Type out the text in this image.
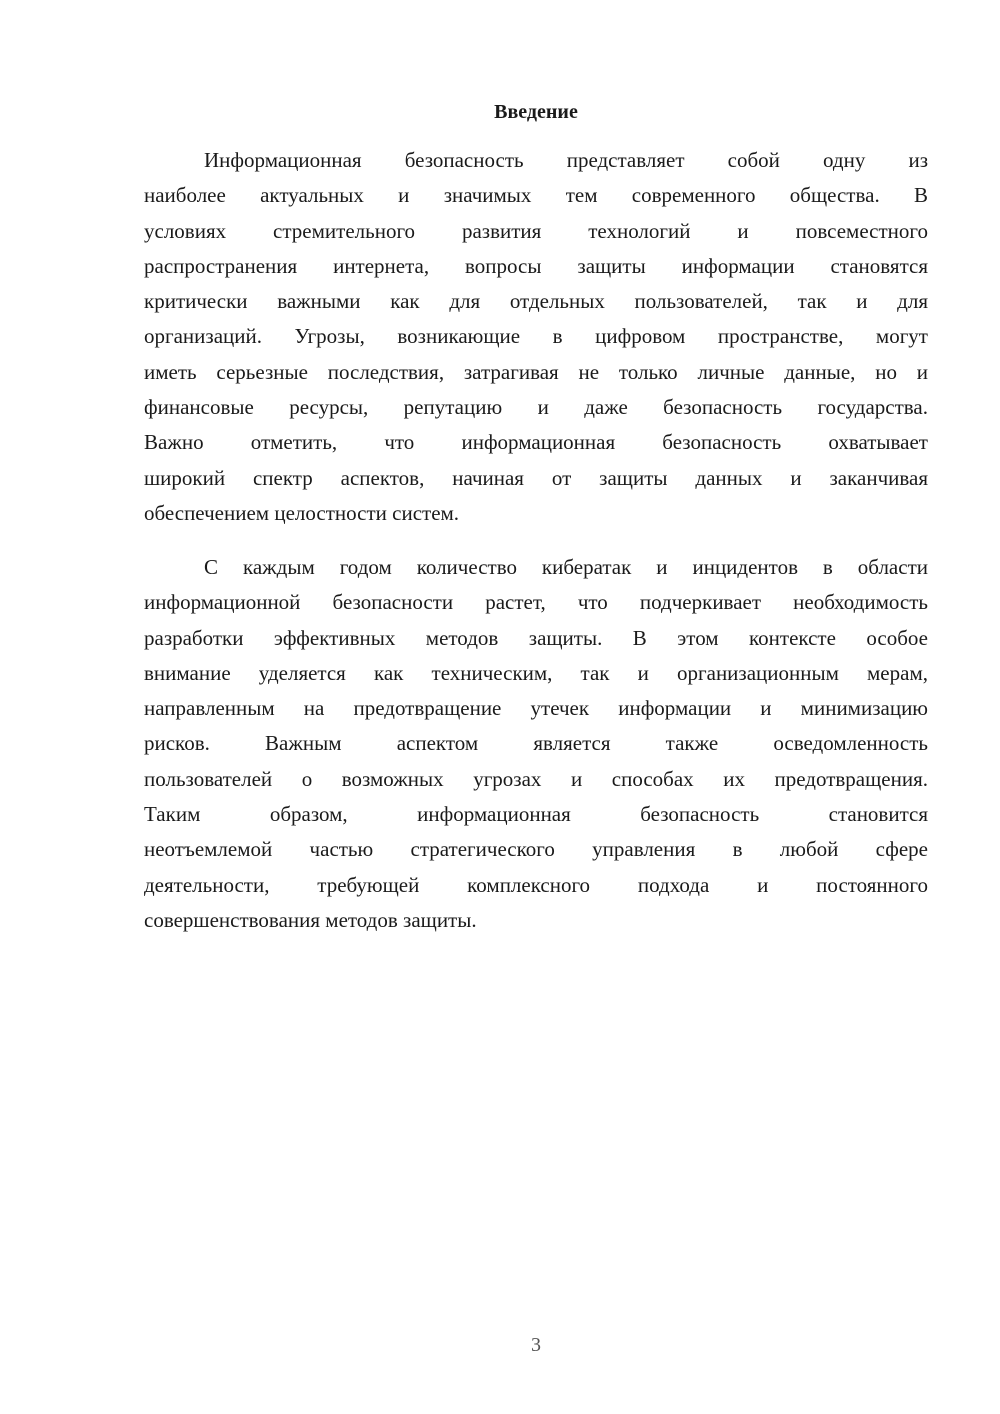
Введение
Информационная безопасность представляет собой одну из
наиболее актуальных и значимых тем современного общества. В
условиях стремительного развития технологий и повсеместного
распространения интернета, вопросы защиты информации становятся
критически важными как для отдельных пользователей, так и для
организаций. Угрозы, возникающие в цифровом пространстве, могут
иметь серьезные последствия, затрагивая не только личные данные, но и
финансовые ресурсы, репутацию и даже безопасность государства.
Важно отметить, что информационная безопасность охватывает
широкий спектр аспектов, начиная от защиты данных и заканчивая
обеспечением целостности систем.
С каждым годом количество кибератак и инцидентов в области
информационной безопасности растет, что подчеркивает необходимость
разработки эффективных методов защиты. В этом контексте особое
внимание уделяется как техническим, так и организационным мерам,
направленным на предотвращение утечек информации и минимизацию
рисков. Важным аспектом является также осведомленность
пользователей о возможных угрозах и способах их предотвращения.
Таким образом, информационная безопасность становится
неотъемлемой частью стратегического управления в любой сфере
деятельности, требующей комплексного подхода и постоянного
совершенствования методов защиты.
3
